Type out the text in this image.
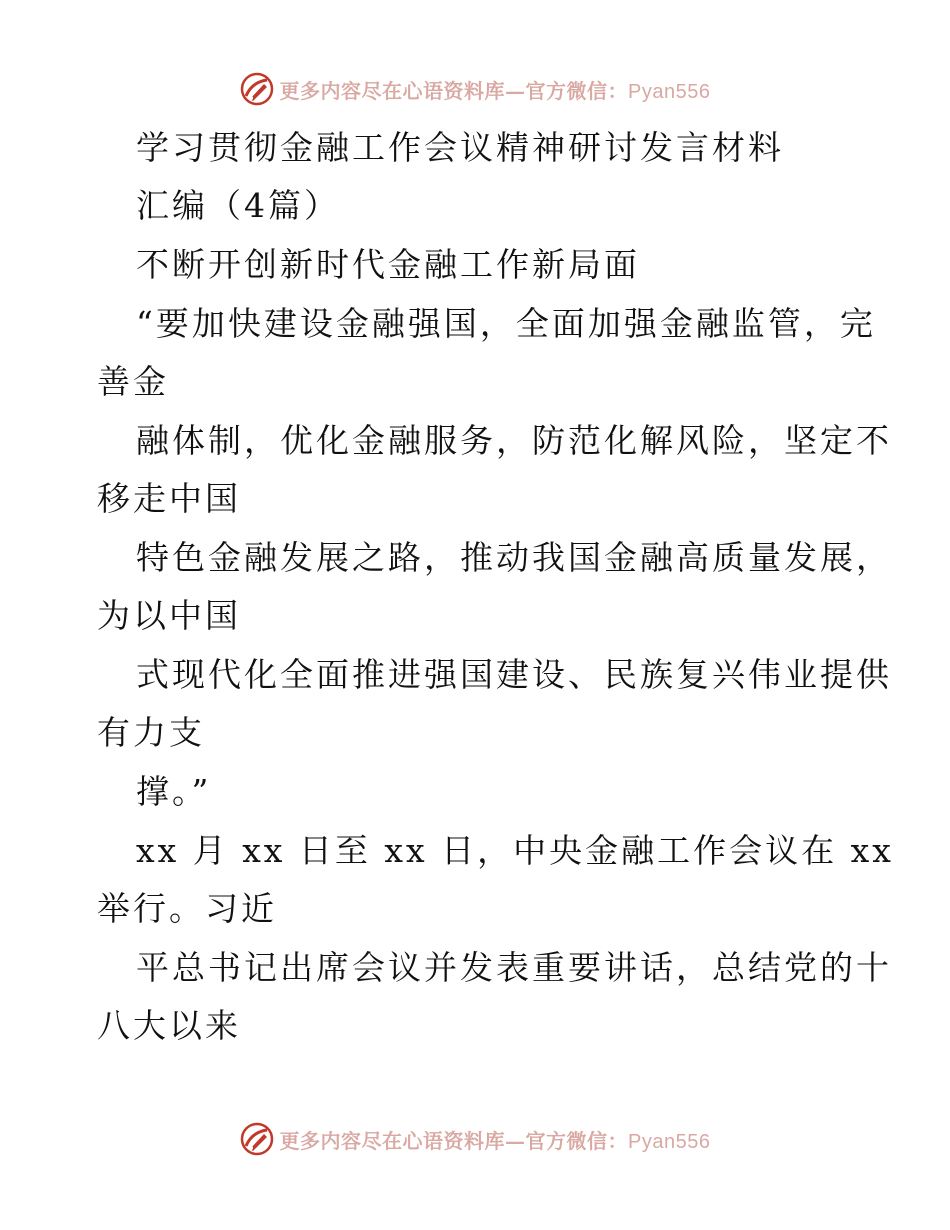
更多内容尽在心语资料库—官方微信：Pyan556
学习贯彻金融工作会议精神研讨发言材料
汇编（4篇）
不断开创新时代金融工作新局面
“要加快建设金融强国，全面加强金融监管，完
善金
融体制，优化金融服务，防范化解风险，坚定不
移走中国
特色金融发展之路，推动我国金融高质量发展，
为以中国
式现代化全面推进强国建设、民族复兴伟业提供
有力支
撑。”
xx 月 xx 日至 xx 日，中央金融工作会议在 xx
举行。习近
平总书记出席会议并发表重要讲话，总结党的十
八大以来
更多内容尽在心语资料库—官方微信：Pyan556
